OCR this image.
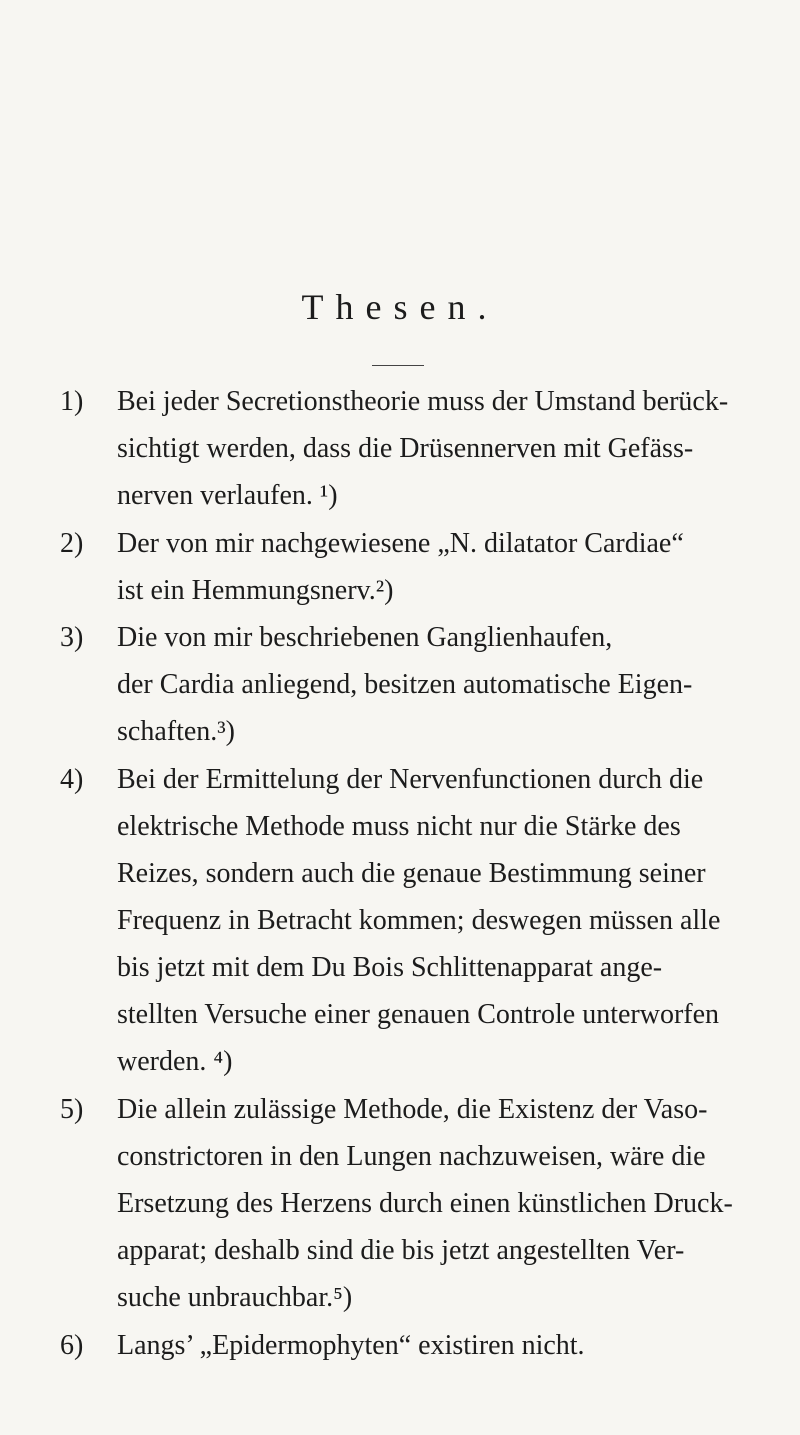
Thesen.
1)	Bei jeder Secretionstheorie muss der Umstand berück-
sichtigt werden, dass die Drüsennerven mit Gefäss-
nerven verlaufen. ¹)
2)	Der von mir nachgewiesene „N. dilatator Cardiae“
ist ein Hemmungsnerv.²)
3)	Die von mir beschriebenen Ganglienhaufen,
der Cardia anliegend, besitzen automatische Eigen-
schaften.³)
4)	Bei der Ermittelung der Nervenfunctionen durch die
elektrische Methode muss nicht nur die Stärke des
Reizes, sondern auch die genaue Bestimmung seiner
Frequenz in Betracht kommen; deswegen müssen alle
bis jetzt mit dem Du Bois Schlittenapparat ange-
stellten Versuche einer genauen Controle unterworfen
werden. ⁴)
5)	Die allein zulässige Methode, die Existenz der Vaso-
constrictoren in den Lungen nachzuweisen, wäre die
Ersetzung des Herzens durch einen künstlichen Druck-
apparat; deshalb sind die bis jetzt angestellten Ver-
suche unbrauchbar.⁵)
6)	Langs’ „Epidermophyten“ existiren nicht.
